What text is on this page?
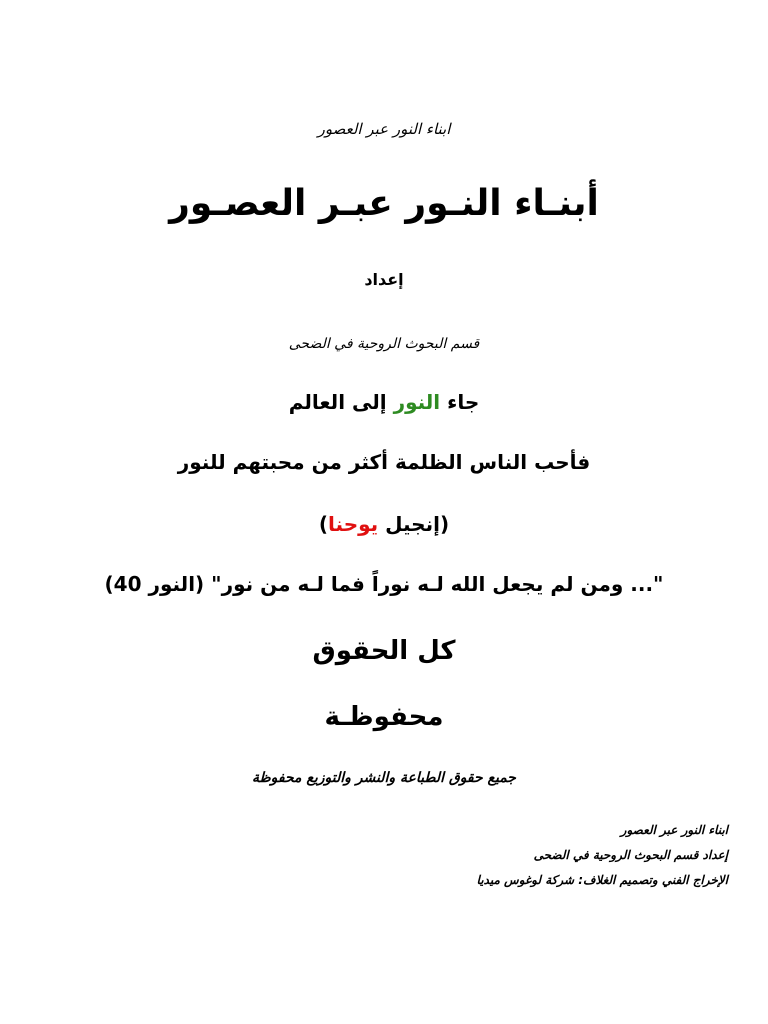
ابناء النور عبر العصور
أبنـاء النـور عبـر العصـور
إعداد
قسم البحوث الروحية في الضحى
جاء النور إلى العالم
فأحب الناس الظلمة أكثر من محبتهم للنور
(إنجيل يوحنا)
"... ومن لم يجعل الله لـه نوراً فما لـه من نور" (النور 40)
كل الحقوق
محفوظـة
جميع حقوق الطباعة والنشر والتوزيع محفوظة
ابناء النور عبر العصور
إعداد قسم البحوث الروحية في الضحى
الإخراج الفني وتصميم الغلاف: شركة لوغوس ميديا
